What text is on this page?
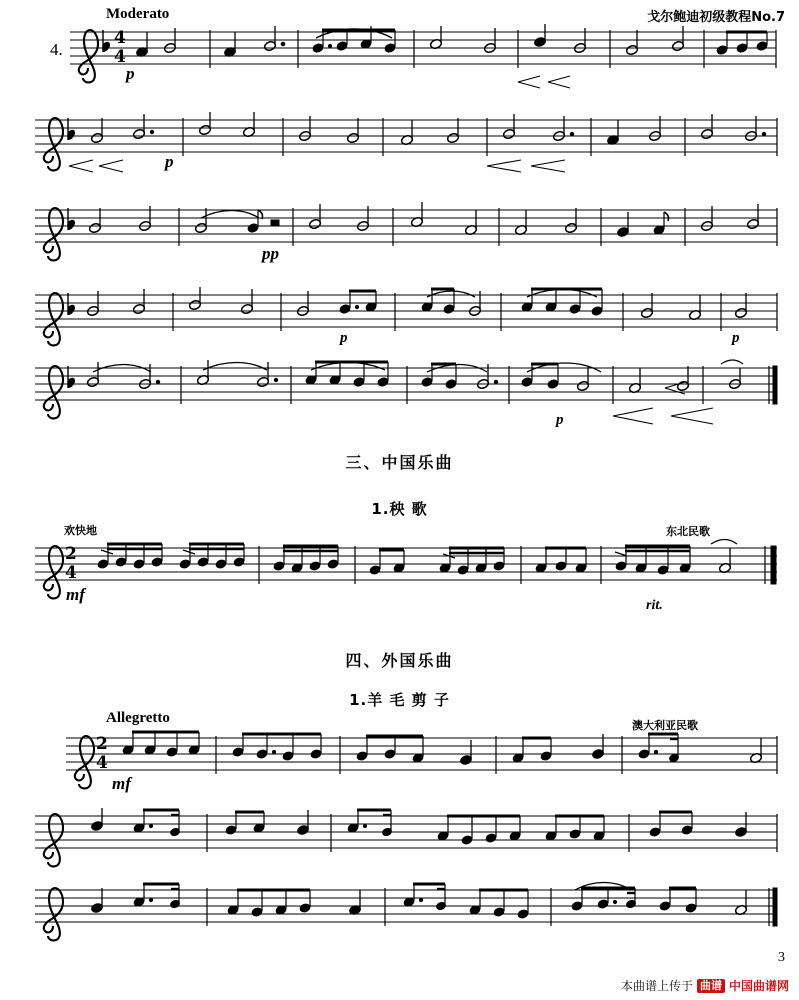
戈尔鲍迪初级教程No.7
Moderato
4.
4
4
p
p
pp
p	p
p
三、中国乐曲
1.秧 歌
欢快地	东北民歌
2
4
mf
rit.
四、外国乐曲
1.羊 毛 剪 子
Allegretto	澳大利亚民歌
2
4
mf
3
本曲谱上传于 曲谱 中国曲谱网
